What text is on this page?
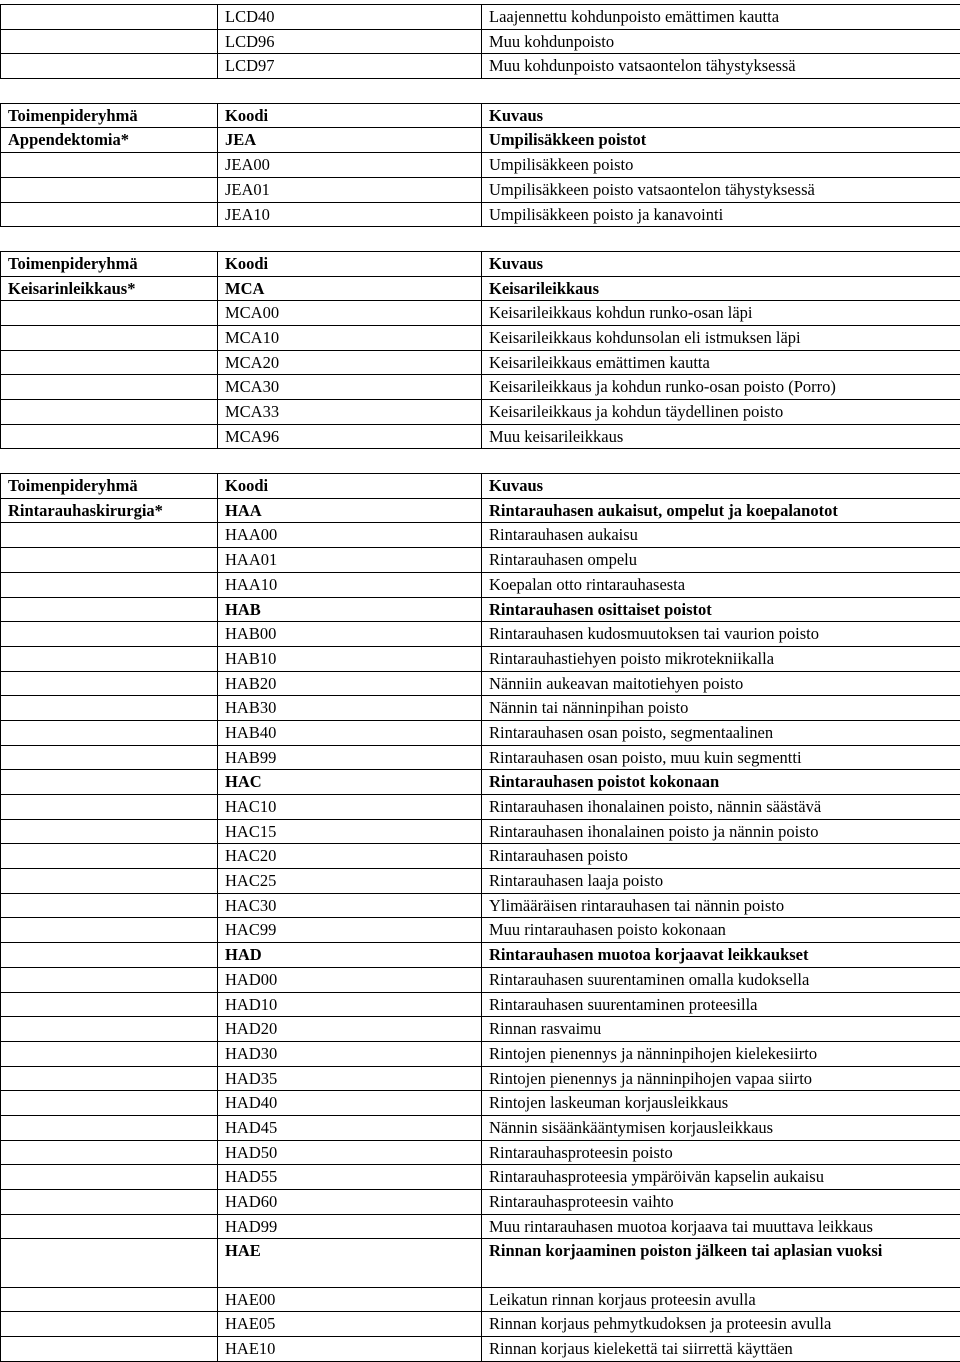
	LCD40	Laajennettu kohdunpoisto emättimen kautta
	LCD96	Muu kohdunpoisto
	LCD97	Muu kohdunpoisto vatsaontelon tähystyksessä
Toimenpideryhmä	Koodi	Kuvaus
Appendektomia*	JEA	Umpilisäkkeen poistot
	JEA00	Umpilisäkkeen poisto
	JEA01	Umpilisäkkeen poisto vatsaontelon tähystyksessä
	JEA10	Umpilisäkkeen poisto ja kanavointi
Toimenpideryhmä	Koodi	Kuvaus
Keisarinleikkaus*	MCA	Keisarileikkaus
	MCA00	Keisarileikkaus kohdun runko-osan läpi
	MCA10	Keisarileikkaus kohdunsolan eli istmuksen läpi
	MCA20	Keisarileikkaus emättimen kautta
	MCA30	Keisarileikkaus ja kohdun runko-osan poisto (Porro)
	MCA33	Keisarileikkaus ja kohdun täydellinen poisto
	MCA96	Muu keisarileikkaus
Toimenpideryhmä	Koodi	Kuvaus
Rintarauhaskirurgia*	HAA	Rintarauhasen aukaisut, ompelut ja koepalanotot
	HAA00	Rintarauhasen aukaisu
	HAA01	Rintarauhasen ompelu
	HAA10	Koepalan otto rintarauhasesta
	HAB	Rintarauhasen osittaiset poistot
	HAB00	Rintarauhasen kudosmuutoksen tai vaurion poisto
	HAB10	Rintarauhastiehyen poisto mikrotekniikalla
	HAB20	Nänniin aukeavan maitotiehyen poisto
	HAB30	Nännin tai nänninpihan poisto
	HAB40	Rintarauhasen osan poisto, segmentaalinen
	HAB99	Rintarauhasen osan poisto, muu kuin segmentti
	HAC	Rintarauhasen poistot kokonaan
	HAC10	Rintarauhasen ihonalainen poisto, nännin säästävä
	HAC15	Rintarauhasen ihonalainen poisto ja nännin poisto
	HAC20	Rintarauhasen poisto
	HAC25	Rintarauhasen laaja poisto
	HAC30	Ylimääräisen rintarauhasen tai nännin poisto
	HAC99	Muu rintarauhasen poisto kokonaan
	HAD	Rintarauhasen muotoa korjaavat leikkaukset
	HAD00	Rintarauhasen suurentaminen omalla kudoksella
	HAD10	Rintarauhasen suurentaminen proteesilla
	HAD20	Rinnan rasvaimu
	HAD30	Rintojen pienennys ja nänninpihojen kielekesiirto
	HAD35	Rintojen pienennys ja nänninpihojen vapaa siirto
	HAD40	Rintojen laskeuman korjausleikkaus
	HAD45	Nännin sisäänkääntymisen korjausleikkaus
	HAD50	Rintarauhasproteesin poisto
	HAD55	Rintarauhasproteesia ympäröivän kapselin aukaisu
	HAD60	Rintarauhasproteesin vaihto
	HAD99	Muu rintarauhasen muotoa korjaava tai muuttava leikkaus
	HAE	Rinnan korjaaminen poiston jälkeen tai aplasian vuoksi
	HAE00	Leikatun rinnan korjaus proteesin avulla
	HAE05	Rinnan korjaus pehmytkudoksen ja proteesin avulla
	HAE10	Rinnan korjaus kielekettä tai siirrettä käyttäen
